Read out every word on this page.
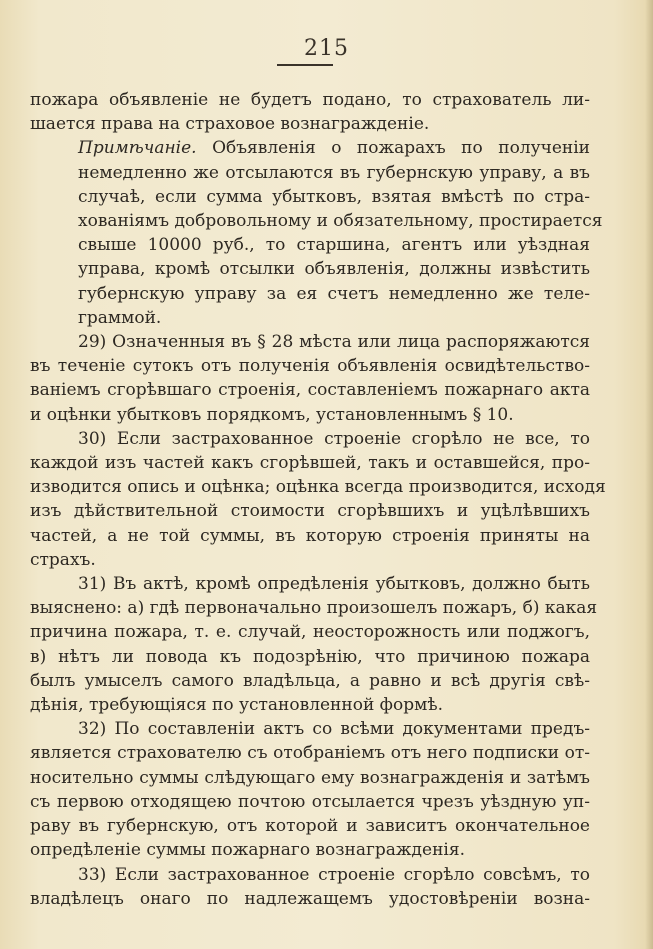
215

пожара объявленіе не будетъ подано, то страхователь ли-
шается права на страховое вознагражденіе.

Примѣчаніе. Объявленія о пожарахъ по полученіи
немедленно же отсылаются въ губернскую управу, а въ
случаѣ, если сумма убытковъ, взятая вмѣстѣ по стра-
хованіямъ добровольному и обязательному, простирается
свыше 10000 руб., то старшина, агентъ или уѣздная
управа, кромѣ отсылки объявленія, должны извѣстить
губернскую управу за ея счетъ немедленно же теле-
граммой.

29) Означенныя въ § 28 мѣста или лица распоряжаются
въ теченіе сутокъ отъ полученія объявленія освидѣтельство-
ваніемъ сгорѣвшаго строенія, составленіемъ пожарнаго акта
и оцѣнки убытковъ порядкомъ, установленнымъ § 10.

30) Если застрахованное строеніе сгорѣло не все, то
каждой изъ частей какъ сгорѣвшей, такъ и оставшейся, про-
изводится опись и оцѣнка; оцѣнка всегда производится, исходя
изъ дѣйствительной стоимости сгорѣвшихъ и уцѣлѣвшихъ
частей, а не той суммы, въ которую строенія приняты на
страхъ.

31) Въ актѣ, кромѣ опредѣленія убытковъ, должно быть
выяснено: а) гдѣ первоначально произошелъ пожаръ, б) какая
причина пожара, т. е. случай, неосторожность или поджогъ,
в) нѣтъ ли повода къ подозрѣнію, что причиною пожара
былъ умыселъ самого владѣльца, а равно и всѣ другія свѣ-
дѣнія, требующіяся по установленной формѣ.

32) По составленіи актъ со всѣми документами предъ-
является страхователю съ отобраніемъ отъ него подписки от-
носительно суммы слѣдующаго ему вознагражденія и затѣмъ
съ первою отходящею почтою отсылается чрезъ уѣздную уп-
раву въ губернскую, отъ которой и зависитъ окончательное
опредѣленіе суммы пожарнаго вознагражденія.

33) Если застрахованное строеніе сгорѣло совсѣмъ, то
владѣлецъ онаго по надлежащемъ удостовѣреніи возна-
